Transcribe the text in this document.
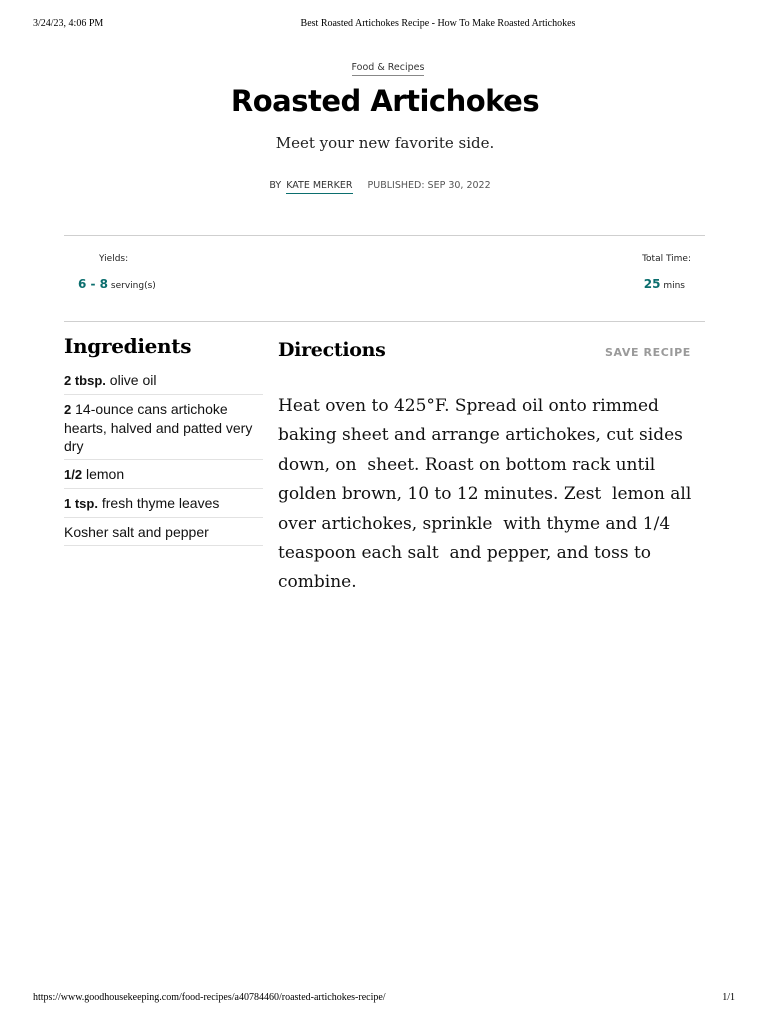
3/24/23, 4:06 PM	Best Roasted Artichokes Recipe - How To Make Roasted Artichokes
Food & Recipes
Roasted Artichokes
Meet your new favorite side.
BY KATE MERKER PUBLISHED: SEP 30, 2022
Yields:
6 - 8 serving(s)
Total Time:
25 mins
Ingredients
2 tbsp. olive oil
2 14-ounce cans artichoke hearts, halved and patted very dry
1/2 lemon
1 tsp. fresh thyme leaves
Kosher salt and pepper
Directions	SAVE RECIPE

Heat oven to 425°F. Spread oil onto rimmed baking sheet and arrange artichokes, cut sides down, on  sheet. Roast on bottom rack until golden brown, 10 to 12 minutes. Zest  lemon all over artichokes, sprinkle  with thyme and 1/4 teaspoon each salt  and pepper, and toss to combine.

https://www.goodhousekeeping.com/food-recipes/a40784460/roasted-artichokes-recipe/	1/1
